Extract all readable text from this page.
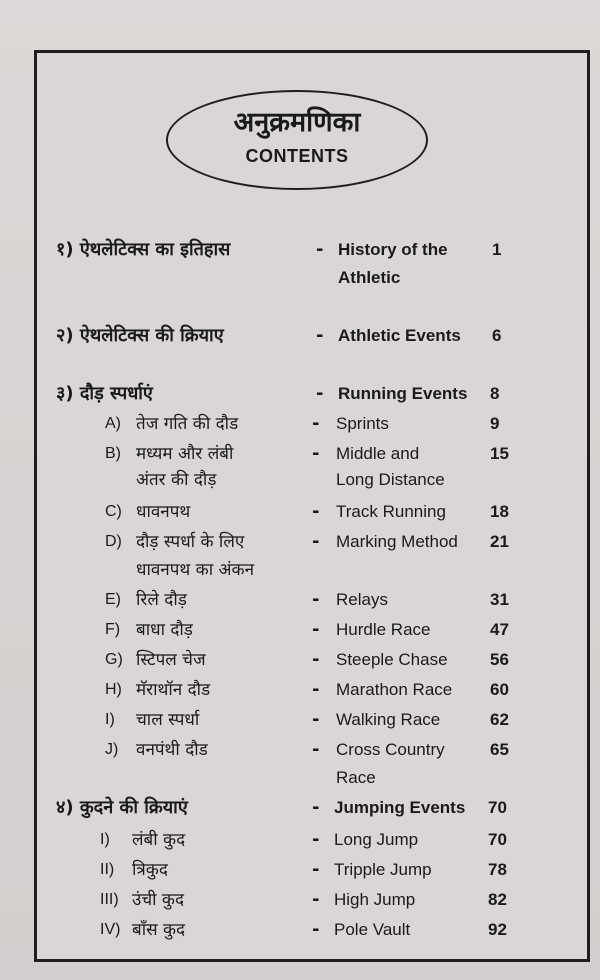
अनुक्रमणिका
CONTENTS
१) ऐथलेटिक्स का इतिहास	- History of the	1
Athletic
२) ऐथलेटिक्स की क्रियाए	- Athletic Events 6
३) दौड़ स्पर्धाएं	- Running Events 8
A) तेज गति की दौड	- Sprints	9
B) मध्यम और लंबी	- Middle and	15
अंतर की दौड़	Long Distance
C) धावनपथ	- Track Running	18
D) दौड़ स्पर्धा के लिए	- Marking Method 21
धावनपथ का अंकन
E) रिले दौड़	- Relays	31
F) बाधा दौड़	- Hurdle Race	47
G) स्टिपल चेज	- Steeple Chase 56
H) मॅराथॉन दौड	- Marathon Race 60
I) चाल स्पर्धा	- Walking Race	62
J) वनपंथी दौड	- Cross Country	65
Race
४) कुदने की क्रियाएं	- Jumping Events 70
I) लंबी कुद	- Long Jump	70
II) त्रिकुद	- Tripple Jump	78
III) उंची कुद	- High Jump	82
IV) बाँस कुद	- Pole Vault	92
